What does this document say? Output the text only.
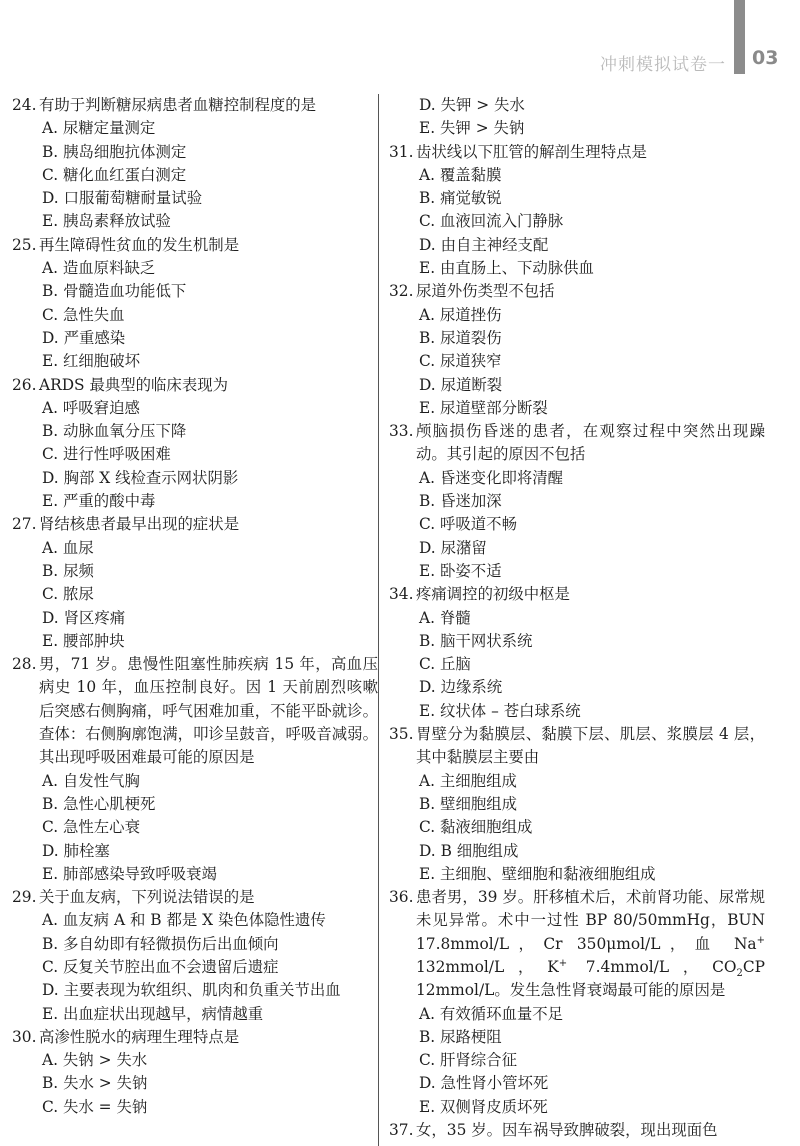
冲刺模拟试卷一 03
24. 有助于判断糖尿病患者血糖控制程度的是
A. 尿糖定量测定
B. 胰岛细胞抗体测定
C. 糖化血红蛋白测定
D. 口服葡萄糖耐量试验
E. 胰岛素释放试验
25. 再生障碍性贫血的发生机制是
A. 造血原料缺乏
B. 骨髓造血功能低下
C. 急性失血
D. 严重感染
E. 红细胞破坏
26. ARDS 最典型的临床表现为
A. 呼吸窘迫感
B. 动脉血氧分压下降
C. 进行性呼吸困难
D. 胸部 X 线检查示网状阴影
E. 严重的酸中毒
27. 肾结核患者最早出现的症状是
A. 血尿
B. 尿频
C. 脓尿
D. 肾区疼痛
E. 腰部肿块
28. 男，71 岁。患慢性阻塞性肺疾病 15 年，高血压病史 10 年，血压控制良好。因 1 天前剧烈咳嗽后突感右侧胸痛，呼气困难加重，不能平卧就诊。查体：右侧胸廓饱满，叩诊呈鼓音，呼吸音减弱。其出现呼吸困难最可能的原因是
A. 自发性气胸
B. 急性心肌梗死
C. 急性左心衰
D. 肺栓塞
E. 肺部感染导致呼吸衰竭
29. 关于血友病，下列说法错误的是
A. 血友病 A 和 B 都是 X 染色体隐性遗传
B. 多自幼即有轻微损伤后出血倾向
C. 反复关节腔出血不会遗留后遗症
D. 主要表现为软组织、肌肉和负重关节出血
E. 出血症状出现越早，病情越重
30. 高渗性脱水的病理生理特点是
A. 失钠 > 失水
B. 失水 > 失钠
C. 失水 = 失钠
D. 失钾 > 失水
E. 失钾 > 失钠
31. 齿状线以下肛管的解剖生理特点是
A. 覆盖黏膜
B. 痛觉敏锐
C. 血液回流入门静脉
D. 由自主神经支配
E. 由直肠上、下动脉供血
32. 尿道外伤类型不包括
A. 尿道挫伤
B. 尿道裂伤
C. 尿道狭窄
D. 尿道断裂
E. 尿道壁部分断裂
33. 颅脑损伤昏迷的患者，在观察过程中突然出现躁动。其引起的原因不包括
A. 昏迷变化即将清醒
B. 昏迷加深
C. 呼吸道不畅
D. 尿潴留
E. 卧姿不适
34. 疼痛调控的初级中枢是
A. 脊髓
B. 脑干网状系统
C. 丘脑
D. 边缘系统
E. 纹状体 – 苍白球系统
35. 胃壁分为黏膜层、黏膜下层、肌层、浆膜层 4 层，其中黏膜层主要由
A. 主细胞组成
B. 壁细胞组成
C. 黏液细胞组成
D. B 细胞组成
E. 主细胞、壁细胞和黏液细胞组成
36. 患者男，39 岁。肝移植术后，术前肾功能、尿常规未见异常。术中一过性 BP 80/50mmHg，BUN 17.8mmol/L，Cr 350μmol/L，血 Na+ 132mmol/L，K+ 7.4mmol/L，$CO_2CP$ 12mmol/L。发生急性肾衰竭最可能的原因是
A. 有效循环血量不足
B. 尿路梗阻
C. 肝肾综合征
D. 急性肾小管坏死
E. 双侧肾皮质坏死
37. 女，35 岁。因车祸导致脾破裂，现出现面色
